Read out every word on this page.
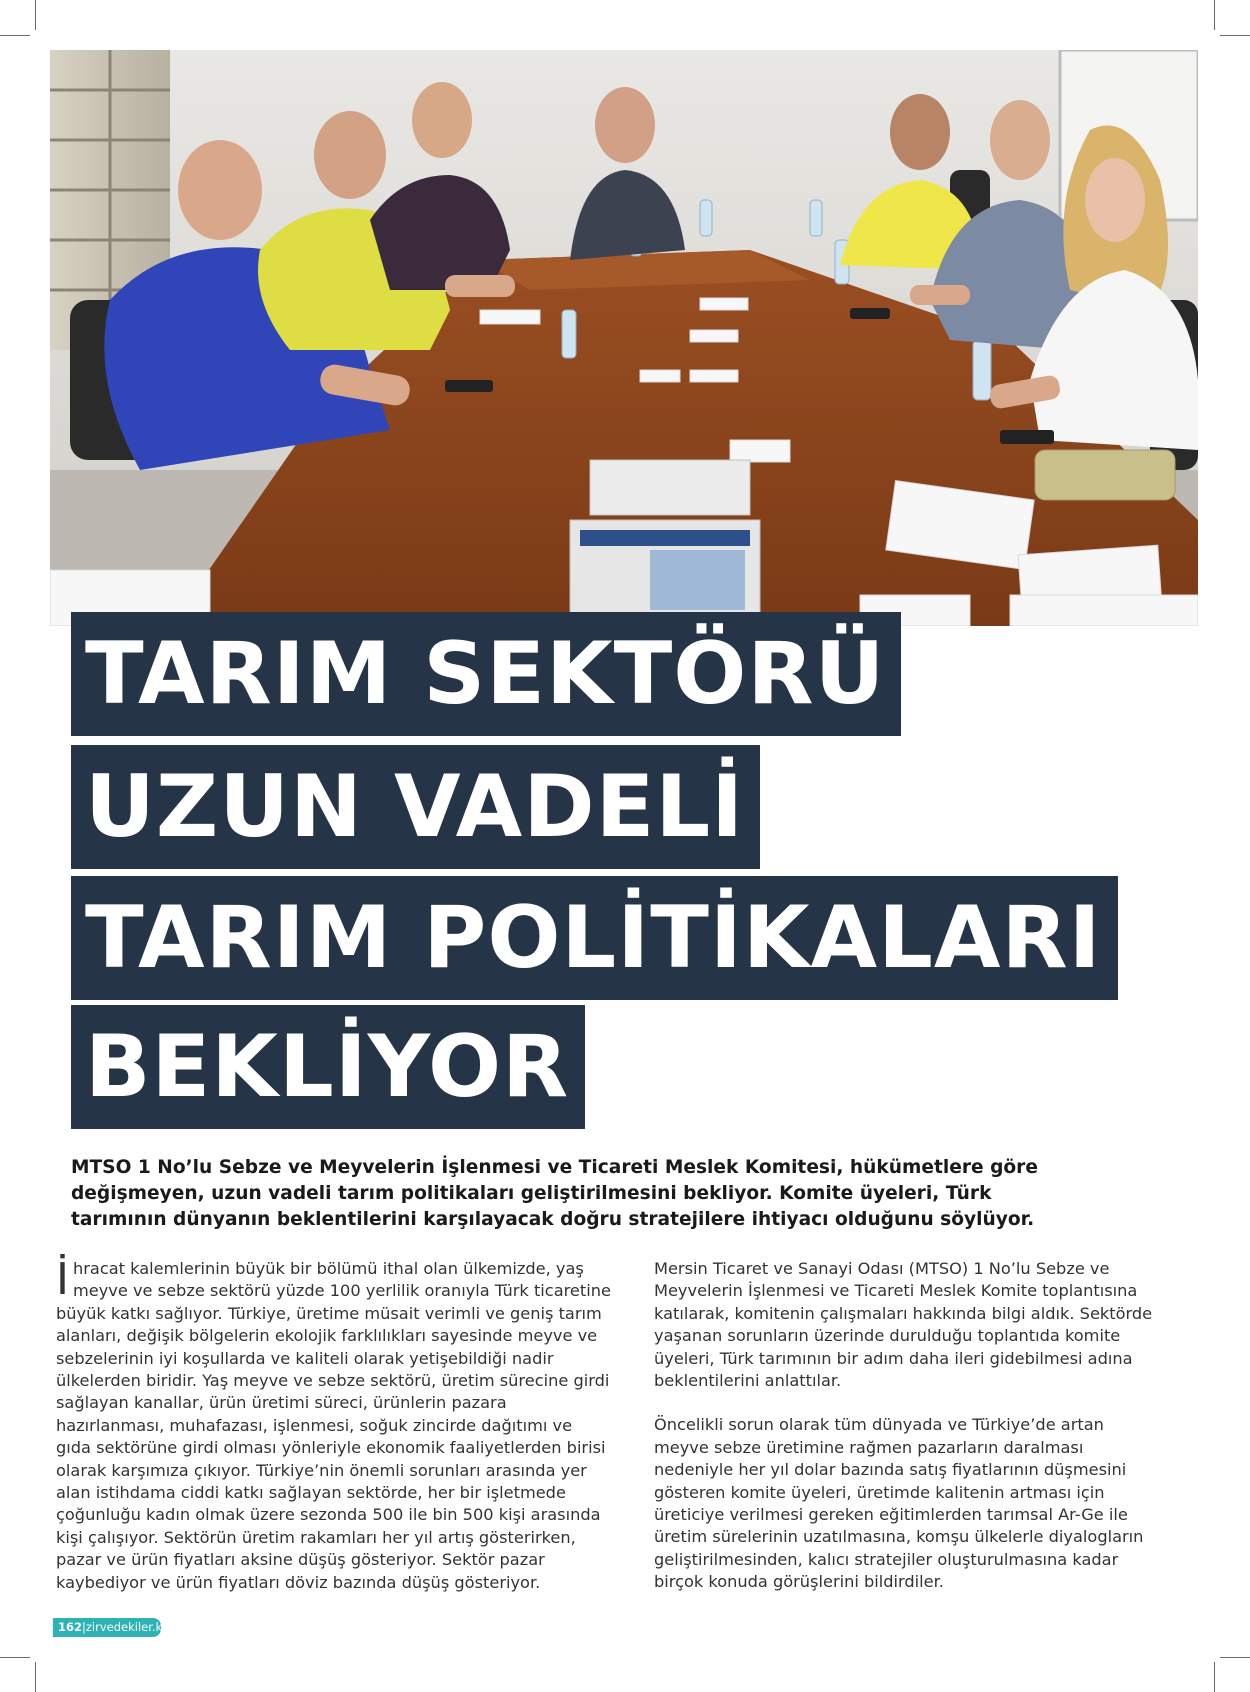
TARIM SEKTÖRÜ
UZUN VADELİ
TARIM POLİTİKALARI
BEKLİYOR

MTSO 1 No’lu Sebze ve Meyvelerin İşlenmesi ve Ticareti Meslek Komitesi, hükümetlere göre değişmeyen, uzun vadeli tarım politikaları geliştirilmesini bekliyor. Komite üyeleri, Türk tarımının dünyanın beklentilerini karşılayacak doğru stratejilere ihtiyacı olduğunu söylüyor.

İ hracat kalemlerinin büyük bir bölümü ithal olan ülkemizde, yaş meyve ve sebze sektörü yüzde 100 yerlilik oranıyla Türk ticaretine büyük katkı sağlıyor. Türkiye, üretime müsait verimli ve geniş tarım alanları, değişik bölgelerin ekolojik farklılıkları sayesinde meyve ve sebzelerinin iyi koşullarda ve kaliteli olarak yetişebildiği nadir ülkelerden biridir. Yaş meyve ve sebze sektörü, üretim sürecine girdi sağlayan kanallar, ürün üretimi süreci, ürünlerin pazara hazırlanması, muhafazası, işlenmesi, soğuk zincirde dağıtımı ve gıda sektörüne girdi olması yönleriyle ekonomik faaliyetlerden birisi olarak karşımıza çıkıyor. Türkiye’nin önemli sorunları arasında yer alan istihdama ciddi katkı sağlayan sektörde, her bir işletmede çoğunluğu kadın olmak üzere sezonda 500 ile bin 500 kişi arasında kişi çalışıyor. Sektörün üretim rakamları her yıl artış gösterirken, pazar ve ürün fiyatları aksine düşüş gösteriyor. Sektör pazar kaybediyor ve ürün fiyatları döviz bazında düşüş gösteriyor.

Mersin Ticaret ve Sanayi Odası (MTSO) 1 No’lu Sebze ve Meyvelerin İşlenmesi ve Ticareti Meslek Komite toplantısına katılarak, komitenin çalışmaları hakkında bilgi aldık. Sektörde yaşanan sorunların üzerinde durulduğu toplantıda komite üyeleri, Türk tarımının bir adım daha ileri gidebilmesi adına beklentilerini anlattılar.

Öncelikli sorun olarak tüm dünyada ve Türkiye’de artan meyve sebze üretimine rağmen pazarların daralması nedeniyle her yıl dolar bazında satış fiyatlarının düşmesini gösteren komite üyeleri, üretimde kalitenin artması için üreticiye verilmesi gereken eğitimlerden tarımsal Ar-Ge ile üretim sürelerinin uzatılmasına, komşu ülkelerle diyalogların geliştirilmesinden, kalıcı stratejiler oluşturulmasına kadar birçok konuda görüşlerini bildirdiler.

162|zirvedekiler.kim
